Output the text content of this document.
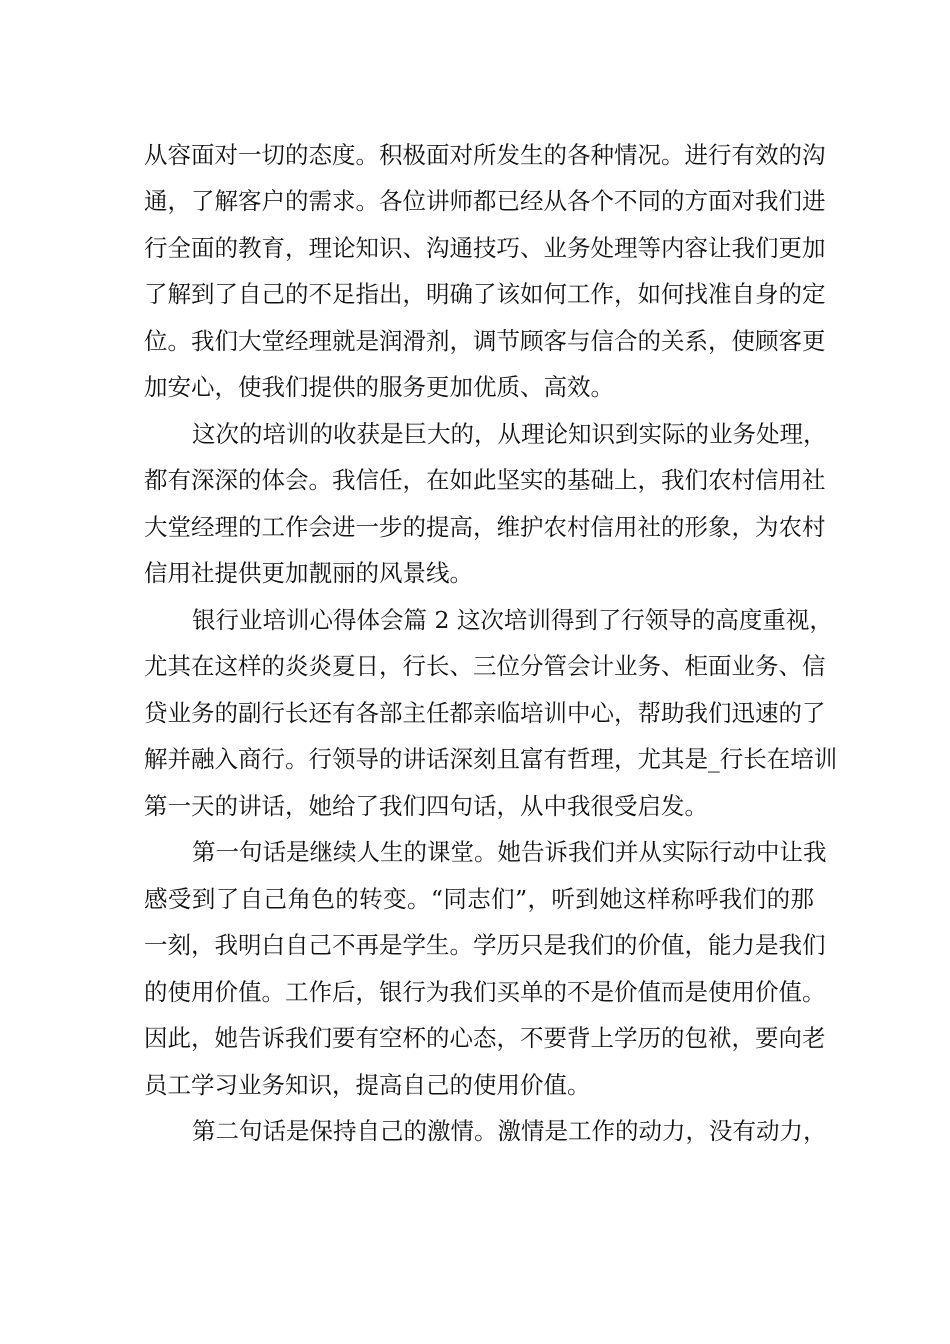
从容面对一切的态度。积极面对所发生的各种情况。进行有效的沟
通，了解客户的需求。各位讲师都已经从各个不同的方面对我们进
行全面的教育，理论知识、沟通技巧、业务处理等内容让我们更加
了解到了自己的不足指出，明确了该如何工作，如何找准自身的定
位。我们大堂经理就是润滑剂，调节顾客与信合的关系，使顾客更
加安心，使我们提供的服务更加优质、高效。
这次的培训的收获是巨大的，从理论知识到实际的业务处理，
都有深深的体会。我信任，在如此坚实的基础上，我们农村信用社
大堂经理的工作会进一步的提高，维护农村信用社的形象，为农村
信用社提供更加靓丽的风景线。
银行业培训心得体会篇 2 这次培训得到了行领导的高度重视，
尤其在这样的炎炎夏日，行长、三位分管会计业务、柜面业务、信
贷业务的副行长还有各部主任都亲临培训中心，帮助我们迅速的了
解并融入商行。行领导的讲话深刻且富有哲理，尤其是_行长在培训
第一天的讲话，她给了我们四句话，从中我很受启发。
第一句话是继续人生的课堂。她告诉我们并从实际行动中让我
感受到了自己角色的转变。“同志们”，听到她这样称呼我们的那
一刻，我明白自己不再是学生。学历只是我们的价值，能力是我们
的使用价值。工作后，银行为我们买单的不是价值而是使用价值。
因此，她告诉我们要有空杯的心态，不要背上学历的包袱，要向老
员工学习业务知识，提高自己的使用价值。
第二句话是保持自己的激情。激情是工作的动力，没有动力，
